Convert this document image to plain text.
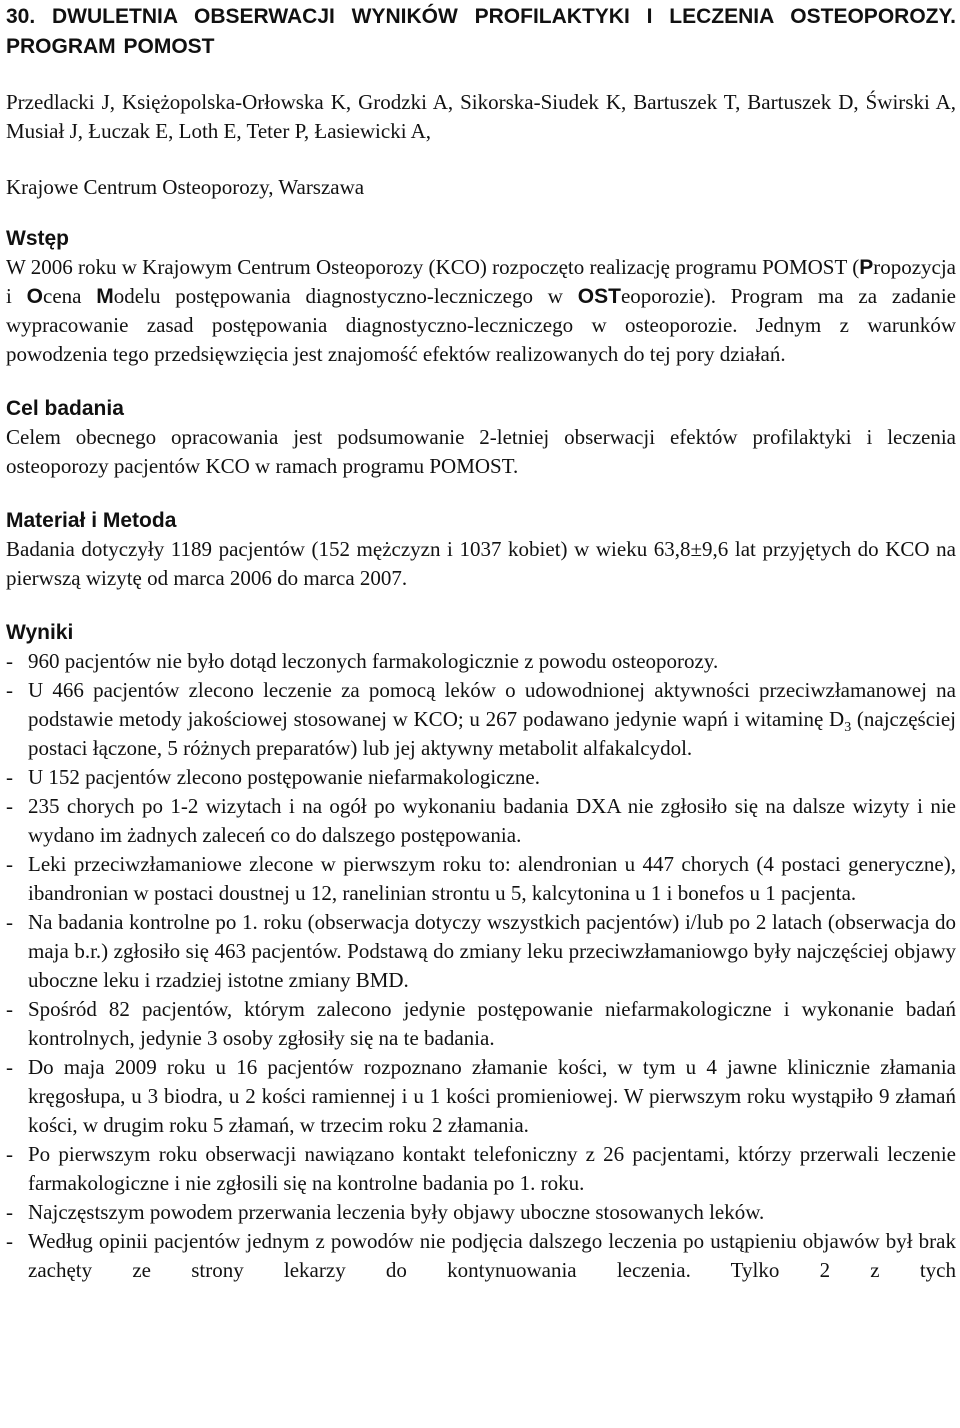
30. DWULETNIA OBSERWACJI WYNIKÓW PROFILAKTYKI I LECZENIA OSTEOPOROZY. PROGRAM POMOST
Przedlacki J, Księżopolska-Orłowska K, Grodzki A, Sikorska-Siudek K, Bartuszek T, Bartuszek D, Świrski A, Musiał J, Łuczak E, Loth E, Teter P, Łasiewicki A,
Krajowe Centrum Osteoporozy, Warszawa
Wstęp
W 2006 roku w Krajowym Centrum Osteoporozy (KCO) rozpoczęto realizację programu POMOST (Propozycja i Ocena Modelu postępowania diagnostyczno-leczniczego w OSTeoporozie). Program ma za zadanie wypracowanie zasad postępowania diagnostyczno-leczniczego w osteoporozie. Jednym z warunków powodzenia tego przedsięwzięcia jest znajomość efektów realizowanych do tej pory działań.
Cel badania
Celem obecnego opracowania jest podsumowanie 2-letniej obserwacji efektów profilaktyki i leczenia osteoporozy pacjentów KCO w ramach programu POMOST.
Materiał i Metoda
Badania dotyczyły 1189 pacjentów (152 mężczyzn i 1037 kobiet) w wieku 63,8±9,6 lat przyjętych do KCO na pierwszą wizytę od marca 2006 do marca 2007.
Wyniki
- 960 pacjentów nie było dotąd leczonych farmakologicznie z powodu osteoporozy.
- U 466 pacjentów zlecono leczenie za pomocą leków o udowodnionej aktywności przeciwzłamanowej na podstawie metody jakościowej stosowanej w KCO; u 267 podawano jedynie wapń i witaminę $D_3$ (najczęściej postaci łączone, 5 różnych preparatów) lub jej aktywny metabolit alfakalcydol.
- U 152 pacjentów zlecono postępowanie niefarmakologiczne.
- 235 chorych po 1-2 wizytach i na ogół po wykonaniu badania DXA nie zgłosiło się na dalsze wizyty i nie wydano im żadnych zaleceń co do dalszego postępowania.
- Leki przeciwzłamaniowe zlecone w pierwszym roku to: alendronian u 447 chorych (4 postaci generyczne), ibandronian w postaci doustnej u 12, ranelinian strontu u 5, kalcytonina u 1 i bonefos u 1 pacjenta.
- Na badania kontrolne po 1. roku (obserwacja dotyczy wszystkich pacjentów) i/lub po 2 latach (obserwacja do maja b.r.) zgłosiło się 463 pacjentów. Podstawą do zmiany leku przeciwzłamaniowgo były najczęściej objawy uboczne leku i rzadziej istotne zmiany BMD.
- Spośród 82 pacjentów, którym zalecono jedynie postępowanie niefarmakologiczne i wykonanie badań kontrolnych, jedynie 3 osoby zgłosiły się na te badania.
- Do maja 2009 roku u 16 pacjentów rozpoznano złamanie kości, w tym u 4 jawne klinicznie złamania kręgosłupa, u 3 biodra, u 2 kości ramiennej i u 1 kości promieniowej. W pierwszym roku wystąpiło 9 złamań kości, w drugim roku 5 złamań, w trzecim roku 2 złamania.
- Po pierwszym roku obserwacji nawiązano kontakt telefoniczny z 26 pacjentami, którzy przerwali leczenie farmakologiczne i nie zgłosili się na kontrolne badania po 1. roku.
- Najczęstszym powodem przerwania leczenia były objawy uboczne stosowanych leków.
- Według opinii pacjentów jednym z powodów nie podjęcia dalszego leczenia po ustąpieniu objawów był brak zachęty ze strony lekarzy do kontynuowania leczenia. Tylko 2 z tych
